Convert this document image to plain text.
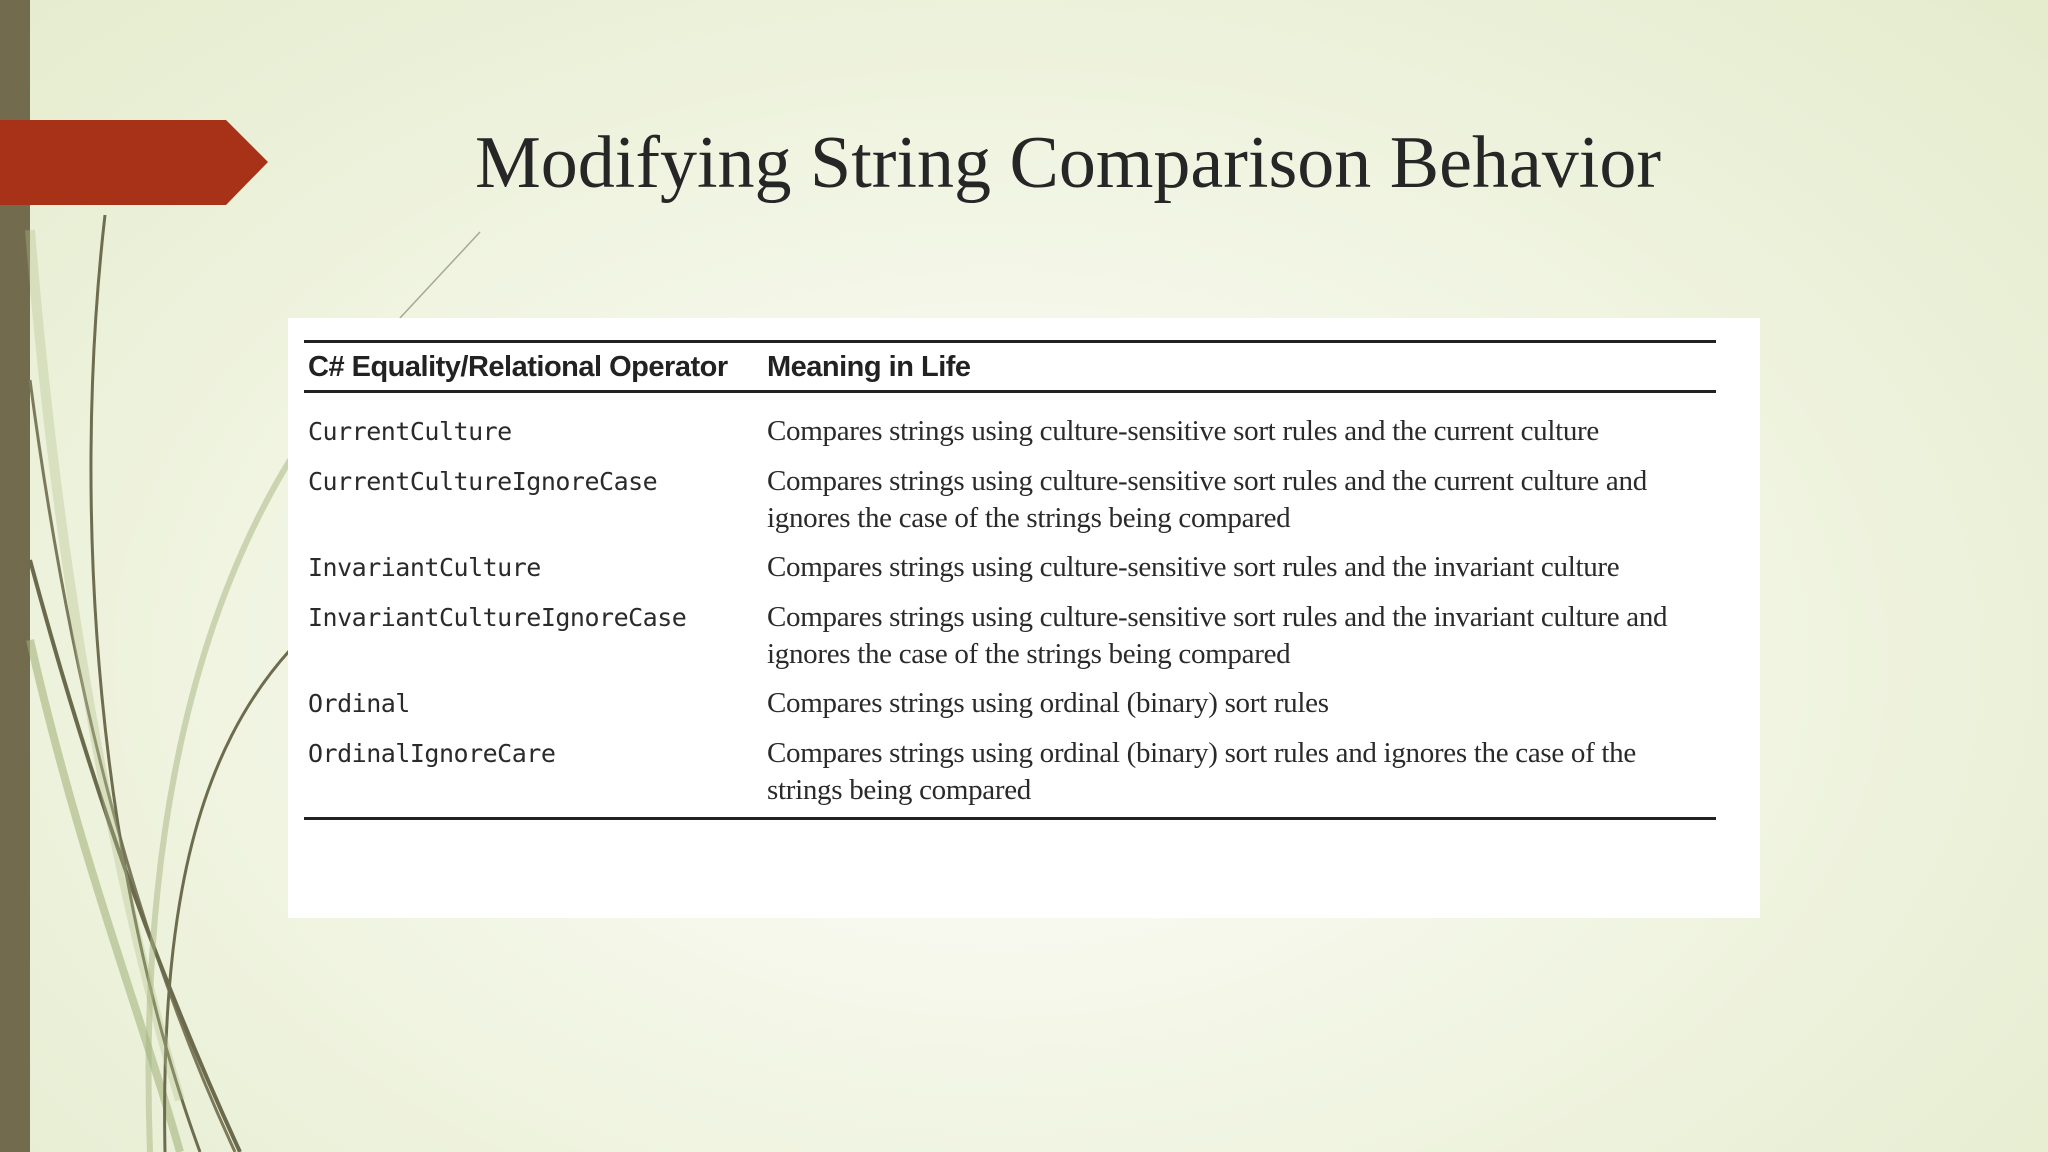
Modifying String Comparison Behavior
C# Equality/Relational Operator	Meaning in Life
CurrentCulture	Compares strings using culture-sensitive sort rules and the current culture
CurrentCultureIgnoreCase	Compares strings using culture-sensitive sort rules and the current culture and ignores the case of the strings being compared
InvariantCulture	Compares strings using culture-sensitive sort rules and the invariant culture
InvariantCultureIgnoreCase	Compares strings using culture-sensitive sort rules and the invariant culture and ignores the case of the strings being compared
Ordinal	Compares strings using ordinal (binary) sort rules
OrdinalIgnoreCare	Compares strings using ordinal (binary) sort rules and ignores the case of the strings being compared
